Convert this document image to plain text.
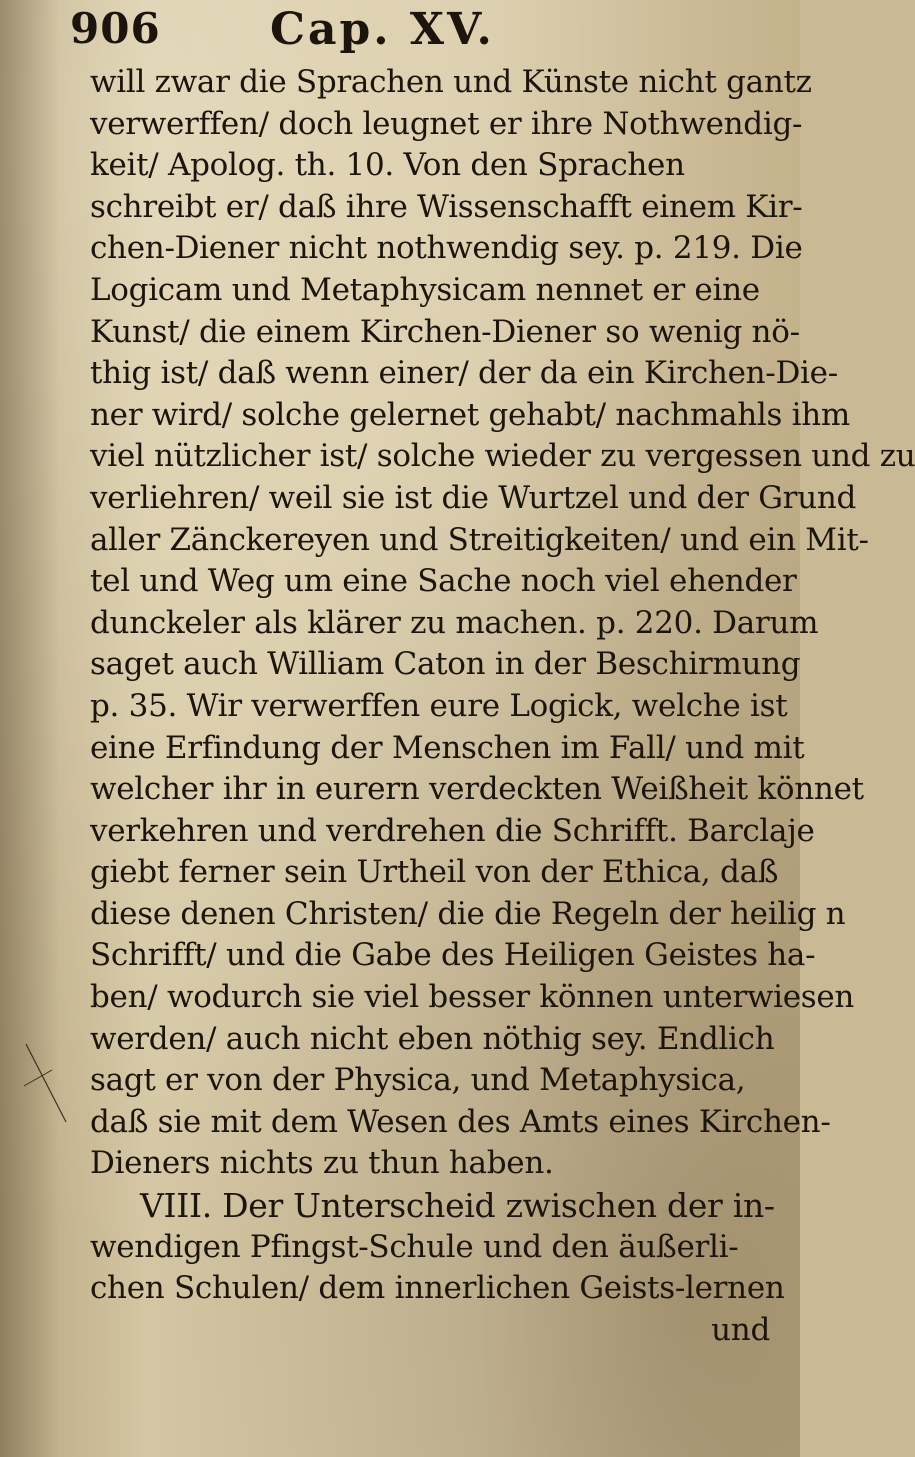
906 Cap. XV.
will zwar die Sprachen und Künste nicht gantz
verwerffen/ doch leugnet er ihre Nothwendig-
keit/ Apolog. th. 10. Von den Sprachen
schreibt er/ daß ihre Wissenschafft einem Kir-
chen-Diener nicht nothwendig sey. p. 219. Die
Logicam und Metaphysicam nennet er eine
Kunst/ die einem Kirchen-Diener so wenig nö-
thig ist/ daß wenn einer/ der da ein Kirchen-Die-
ner wird/ solche gelernet gehabt/ nachmahls ihm
viel nützlicher ist/ solche wieder zu vergessen und zu
verliehren/ weil sie ist die Wurtzel und der Grund
aller Zänckereyen und Streitigkeiten/ und ein Mit-
tel und Weg um eine Sache noch viel ehender
dunckeler als klärer zu machen. p. 220. Darum
saget auch William Caton in der Beschirmung
p. 35. Wir verwerffen eure Logick, welche ist
eine Erfindung der Menschen im Fall/ und mit
welcher ihr in eurern verdeckten Weißheit könnet
verkehren und verdrehen die Schrifft. Barclaje
giebt ferner sein Urtheil von der Ethica, daß
diese denen Christen/ die die Regeln der heilig n
Schrifft/ und die Gabe des Heiligen Geistes ha-
ben/ wodurch sie viel besser können unterwiesen
werden/ auch nicht eben nöthig sey. Endlich
sagt er von der Physica, und Metaphysica,
daß sie mit dem Wesen des Amts eines Kirchen-
Dieners nichts zu thun haben.
VIII. Der Unterscheid zwischen der in-
wendigen Pfingst-Schule und den äußerli-
chen Schulen/ dem innerlichen Geists-lernen
und
